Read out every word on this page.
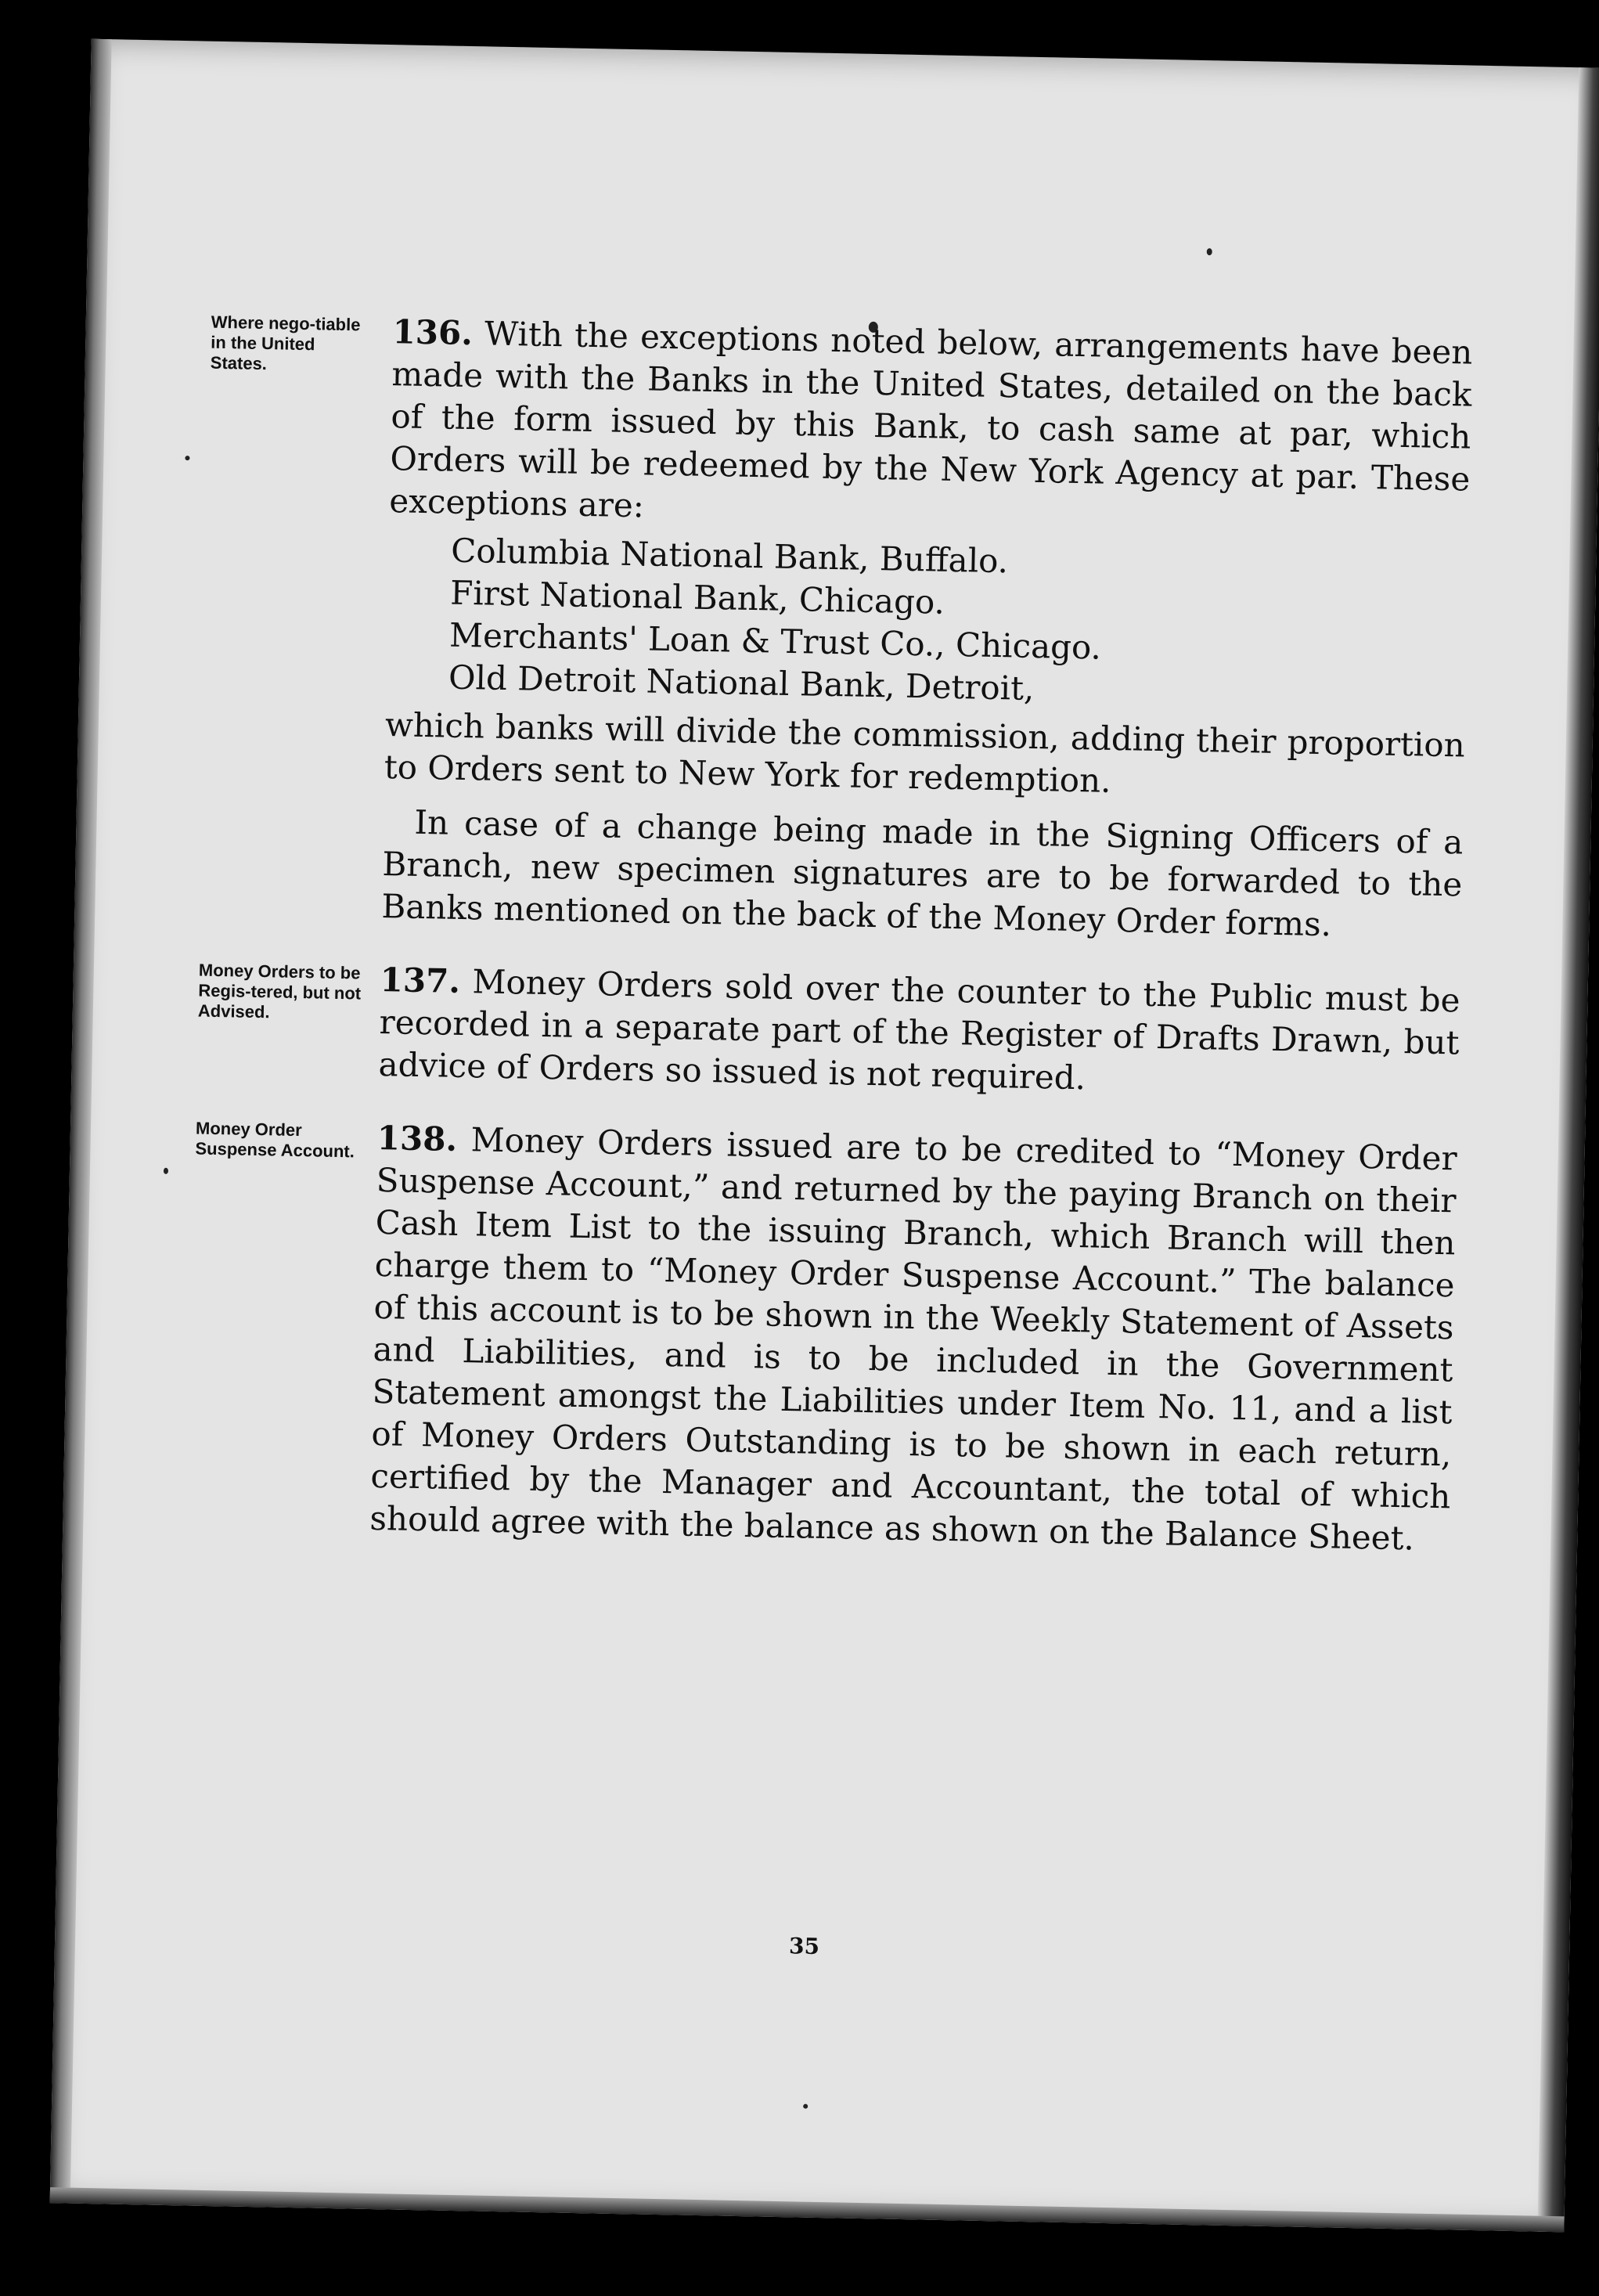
Where nego-tiable in the United States.
136. With the exceptions noted below, arrangements have been made with the Banks in the United States, detailed on the back of the form issued by this Bank, to cash same at par, which Orders will be redeemed by the New York Agency at par. These exceptions are:
Columbia National Bank, Buffalo.
First National Bank, Chicago.
Merchants' Loan & Trust Co., Chicago.
Old Detroit National Bank, Detroit,
which banks will divide the commission, adding their proportion to Orders sent to New York for redemption.
In case of a change being made in the Signing Officers of a Branch, new specimen signatures are to be forwarded to the Banks mentioned on the back of the Money Order forms.
Money Orders to be Regis-tered, but not Advised.
137. Money Orders sold over the counter to the Public must be recorded in a separate part of the Register of Drafts Drawn, but advice of Orders so issued is not required.
Money Order Suspense Account. 138. Money Orders issued are to be credited to “Money Order Suspense Account,” and returned by the paying Branch on their Cash Item List to the issuing Branch, which Branch will then charge them to “Money Order Suspense Account.” The balance of this account is to be shown in the Weekly Statement of Assets and Liabilities, and is to be included in the Government Statement amongst the Liabilities under Item No. 11, and a list of Money Orders Outstanding is to be shown in each return, certified by the Manager and Accountant, the total of which should agree with the balance as shown on the Balance Sheet.
35
